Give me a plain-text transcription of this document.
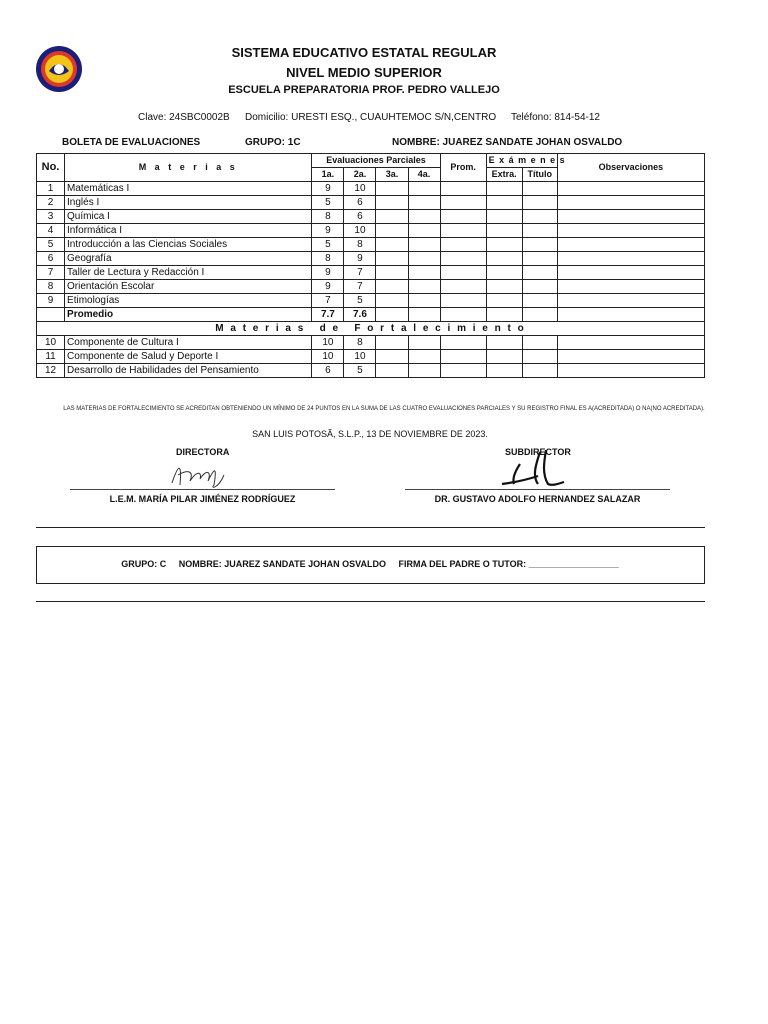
SISTEMA EDUCATIVO ESTATAL REGULAR
NIVEL MEDIO SUPERIOR
ESCUELA PREPARATORIA PROF. PEDRO VALLEJO
Clave: 24SBC0002B Domicilio: URESTI ESQ., CUAUHTEMOC S/N,CENTRO Teléfono: 814-54-12
BOLETA DE EVALUACIONES	GRUPO: 1C	NOMBRE: JUAREZ SANDATE JOHAN OSVALDO
No.	M a t e r i a s	Evaluaciones Parciales				Prom.	E x á m e n e s		Observaciones
		1a.	2a.	3a.	4a.		Extra.	Título	
1	Matemáticas I	9	10						
2	Inglés I	5	6						
3	Química I	8	6						
4	Informática I	9	10						
5	Introducción a las Ciencias Sociales	5	8						
6	Geografía	8	9						
7	Taller de Lectura y Redacción I	9	7						
8	Orientación Escolar	9	7						
9	Etimologías	7	5						
	Promedio	7.7	7.6						
M a t e r i a s   d e   F o r t a l e c i m i e n t o									
10	Componente de Cultura I	10	8						
11	Componente de Salud y Deporte I	10	10						
12	Desarrollo de Habilidades del Pensamiento	6	5						
LAS MATERIAS DE FORTALECIMIENTO SE ACREDITAN OBTENIENDO UN MÍNIMO DE 24 PUNTOS EN LA SUMA DE LAS CUATRO EVALUACIONES PARCIALES Y SU REGISTRO FINAL ES A(ACREDITADA) O NA(NO ACREDITADA).
SAN LUIS POTOSÃ, S.L.P., 13 DE NOVIEMBRE DE 2023.
DIRECTORA
L.E.M. MARÍA PILAR JIMÉNEZ RODRÍGUEZ
SUBDIRECTOR
DR. GUSTAVO ADOLFO HERNANDEZ SALAZAR
GRUPO: C     NOMBRE: JUAREZ SANDATE JOHAN OSVALDO     FIRMA DEL PADRE O TUTOR: __________________
